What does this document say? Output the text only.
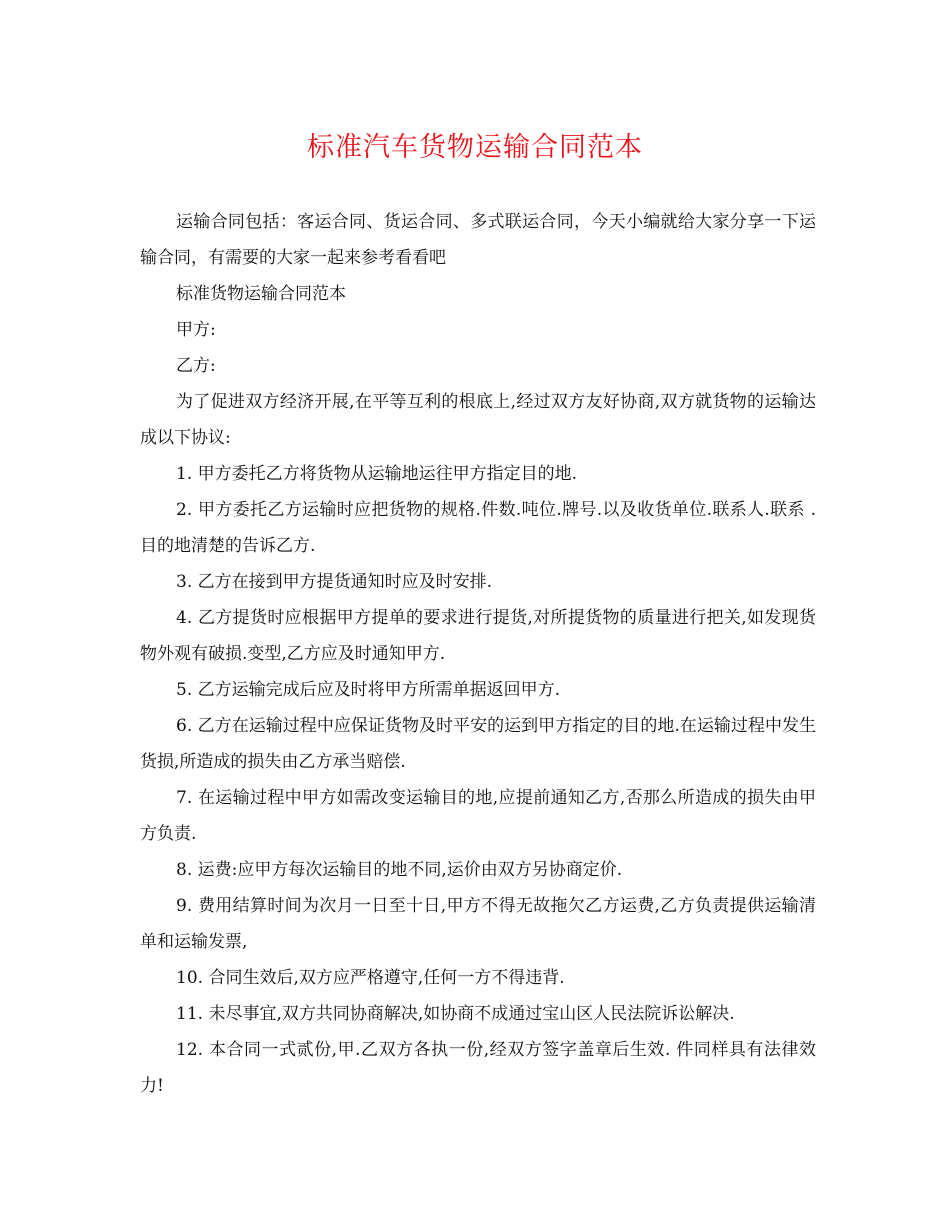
标准汽车货物运输合同范本

运输合同包括：客运合同、货运合同、多式联运合同，今天小编就给大家分享一下运输合同，有需要的大家一起来参考看看吧

标准货物运输合同范本

甲方:

乙方:

为了促进双方经济开展,在平等互利的根底上,经过双方友好协商,双方就货物的运输达成以下协议:

1. 甲方委托乙方将货物从运输地运往甲方指定目的地.

2. 甲方委托乙方运输时应把货物的规格.件数.吨位.牌号.以及收货单位.联系人.联系 .目的地清楚的告诉乙方.

3. 乙方在接到甲方提货通知时应及时安排.

4. 乙方提货时应根据甲方提单的要求进行提货,对所提货物的质量进行把关,如发现货物外观有破损.变型,乙方应及时通知甲方.

5. 乙方运输完成后应及时将甲方所需单据返回甲方.

6. 乙方在运输过程中应保证货物及时平安的运到甲方指定的目的地.在运输过程中发生货损,所造成的损失由乙方承当赔偿.

7. 在运输过程中甲方如需改变运输目的地,应提前通知乙方,否那么所造成的损失由甲方负责.

8. 运费:应甲方每次运输目的地不同,运价由双方另协商定价.

9. 费用结算时间为次月一日至十日,甲方不得无故拖欠乙方运费,乙方负责提供运输清单和运输发票,

10. 合同生效后,双方应严格遵守,任何一方不得违背.

11. 未尽事宜,双方共同协商解决,如协商不成通过宝山区人民法院诉讼解决.

12. 本合同一式贰份,甲.乙双方各执一份,经双方签字盖章后生效. 件同样具有法律效力!
